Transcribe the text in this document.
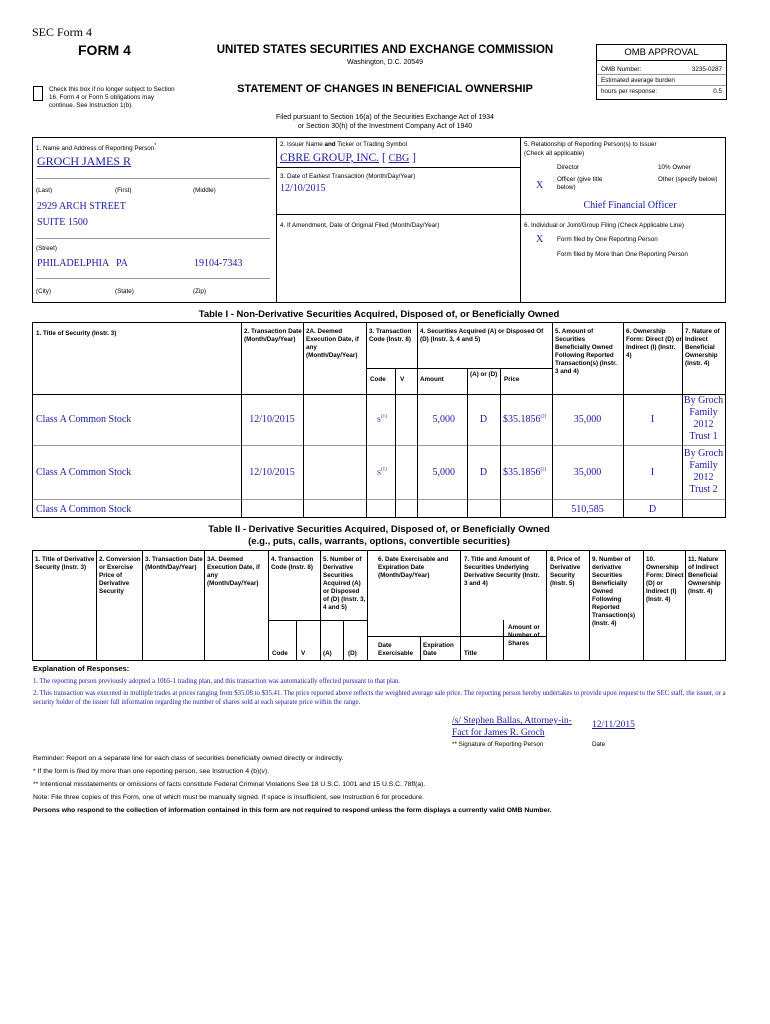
SEC Form 4
FORM 4	UNITED STATES SECURITIES AND EXCHANGE COMMISSION
Washington, D.C. 20549
STATEMENT OF CHANGES IN BENEFICIAL OWNERSHIP
Check this box if no longer subject to Section 16. Form 4 or Form 5 obligations may continue. See Instruction 1(b).
Filed pursuant to Section 16(a) of the Securities Exchange Act of 1934
or Section 30(h) of the Investment Company Act of 1940
OMB APPROVAL
OMB Number:	3235-0287
Estimated average burden
hours per response:	0.5
1. Name and Address of Reporting Person*
GROCH JAMES R
(Last)	(First)	(Middle)
2929 ARCH STREET
SUITE 1500
(Street)
PHILADELPHIA PA	19104-7343
(City)	(State)	(Zip)
2. Issuer Name and Ticker or Trading Symbol
CBRE GROUP, INC. [ CBG ]
3. Date of Earliest Transaction (Month/Day/Year)
12/10/2015
4. If Amendment, Date of Original Filed (Month/Day/Year)
5. Relationship of Reporting Person(s) to Issuer
(Check all applicable)
Director	10% Owner
X
Officer (give title below)
Other (specify below)
Chief Financial Officer
6. Individual or Joint/Group Filing (Check Applicable Line)
X Form filed by One Reporting Person
Form filed by More than One Reporting Person
Table I - Non-Derivative Securities Acquired, Disposed of, or Beneficially Owned
1. Title of Security (Instr. 3)	2. Transaction Date (Month/Day/Year)
2A. Deemed Execution Date, if any (Month/Day/Year)
3. Transaction Code (Instr. 8)
4. Securities Acquired (A) or Disposed Of (D) (Instr. 3, 4 and 5)
5. Amount of Securities Beneficially Owned Following Reported Transaction(s) (Instr. 3 and 4)
6. Ownership Form: Direct (D) or Indirect (I) (Instr. 4)
7. Nature of Indirect Beneficial Ownership (Instr. 4)
Code V	Amount
(A) or (D)
Price
Class A Common Stock	12/10/2015	$s^{(1)}$	5,000	D	$35.1856$^{(2)}$	35,000	I
By Groch Family 2012 Trust 1
Class A Common Stock	12/10/2015	$s^{(1)}$	5,000	D	$35.1856$^{(2)}$	35,000	I
By Groch Family 2012 Trust 2
Class A Common Stock	510,585	D
Table II - Derivative Securities Acquired, Disposed of, or Beneficially Owned
(e.g., puts, calls, warrants, options, convertible securities)
1. Title of Derivative Security (Instr. 3)
2. Conversion or Exercise Price of Derivative Security
3. Transaction Date (Month/Day/Year)
3A. Deemed Execution Date, if any (Month/Day/Year)
4. Transaction Code (Instr. 8)
5. Number of Derivative Securities Acquired (A) or Disposed of (D) (Instr. 3, 4 and 5)
6. Date Exercisable and Expiration Date (Month/Day/Year)
7. Title and Amount of Securities Underlying Derivative Security (Instr. 3 and 4)
8. Price of Derivative Security (Instr. 5)
9. Number of derivative Securities Beneficially Owned Following Reported Transaction(s) (Instr. 4)
10. Ownership Form: Direct (D) or Indirect (I) (Instr. 4)
11. Nature of Indirect Beneficial Ownership (Instr. 4)
Code V	(A)	(D)
Date Exercisable
Expiration Date	Title
Amount or Number of Shares
Explanation of Responses:
1. The reporting person previously adopted a 10b5-1 trading plan, and this transaction was automatically effected pursuant to that plan.
2. This transaction was executed in multiple trades at prices ranging from $35.08 to $35.41. The price reported above reflects the weighted average sale price. The reporting person hereby undertakes to provide upon request to the SEC staff, the issuer, or a security holder of the issuer full information regarding the number of shares sold at each separate price within the range.
/s/ Stephen Ballas, Attorney-in-Fact for James R. Groch
12/11/2015
** Signature of Reporting Person	Date
Reminder: Report on a separate line for each class of securities beneficially owned directly or indirectly.
* If the form is filed by more than one reporting person, see Instruction 4 (b)(v).
** Intentional misstatements or omissions of facts constitute Federal Criminal Violations See 18 U.S.C. 1001 and 15 U.S.C. 78ff(a).
Note: File three copies of this Form, one of which must be manually signed. If space is insufficient, see Instruction 6 for procedure.
Persons who respond to the collection of information contained in this form are not required to respond unless the form displays a currently valid OMB Number.
